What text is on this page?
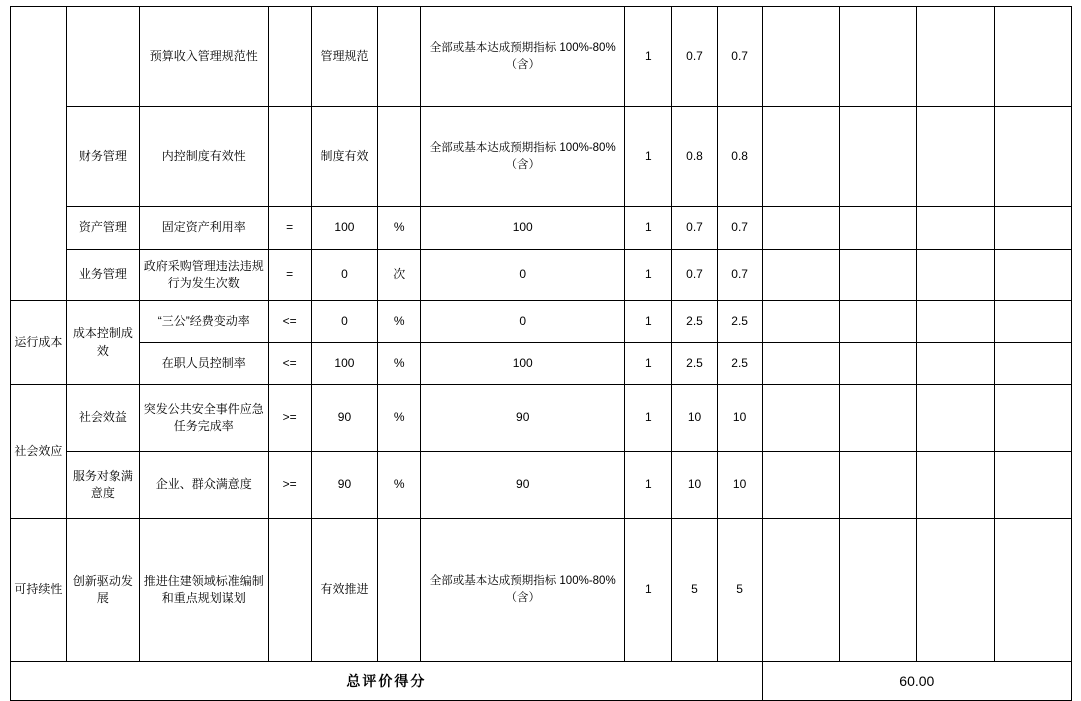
		预算收入管理规范性		管理规范		全部或基本达成预期指标 100%-80%（含）	1	0.7	0.7				

	财务管理	内控制度有效性		制度有效		全部或基本达成预期指标 100%-80%（含）	1	0.8	0.8				

	资产管理	固定资产利用率	=	100	%	100	1	0.7	0.7				

	业务管理	政府采购管理违法违规行为发生次数	=	0	次	0	1	0.7	0.7				

运行成本	成本控制成效	“三公”经费变动率	<=	0	%	0	1	2.5	2.5				

		在职人员控制率	<=	100	%	100	1	2.5	2.5				

社会效应	社会效益	突发公共安全事件应急任务完成率	>=	90	%	90	1	10	10				

	服务对象满意度	企业、群众满意度	>=	90	%	90	1	10	10				

可持续性	创新驱动发展	推进住建领域标准编制和重点规划谋划		有效推进		全部或基本达成预期指标 100%-80%（含）	1	5	5				

总评价得分										60.00			
